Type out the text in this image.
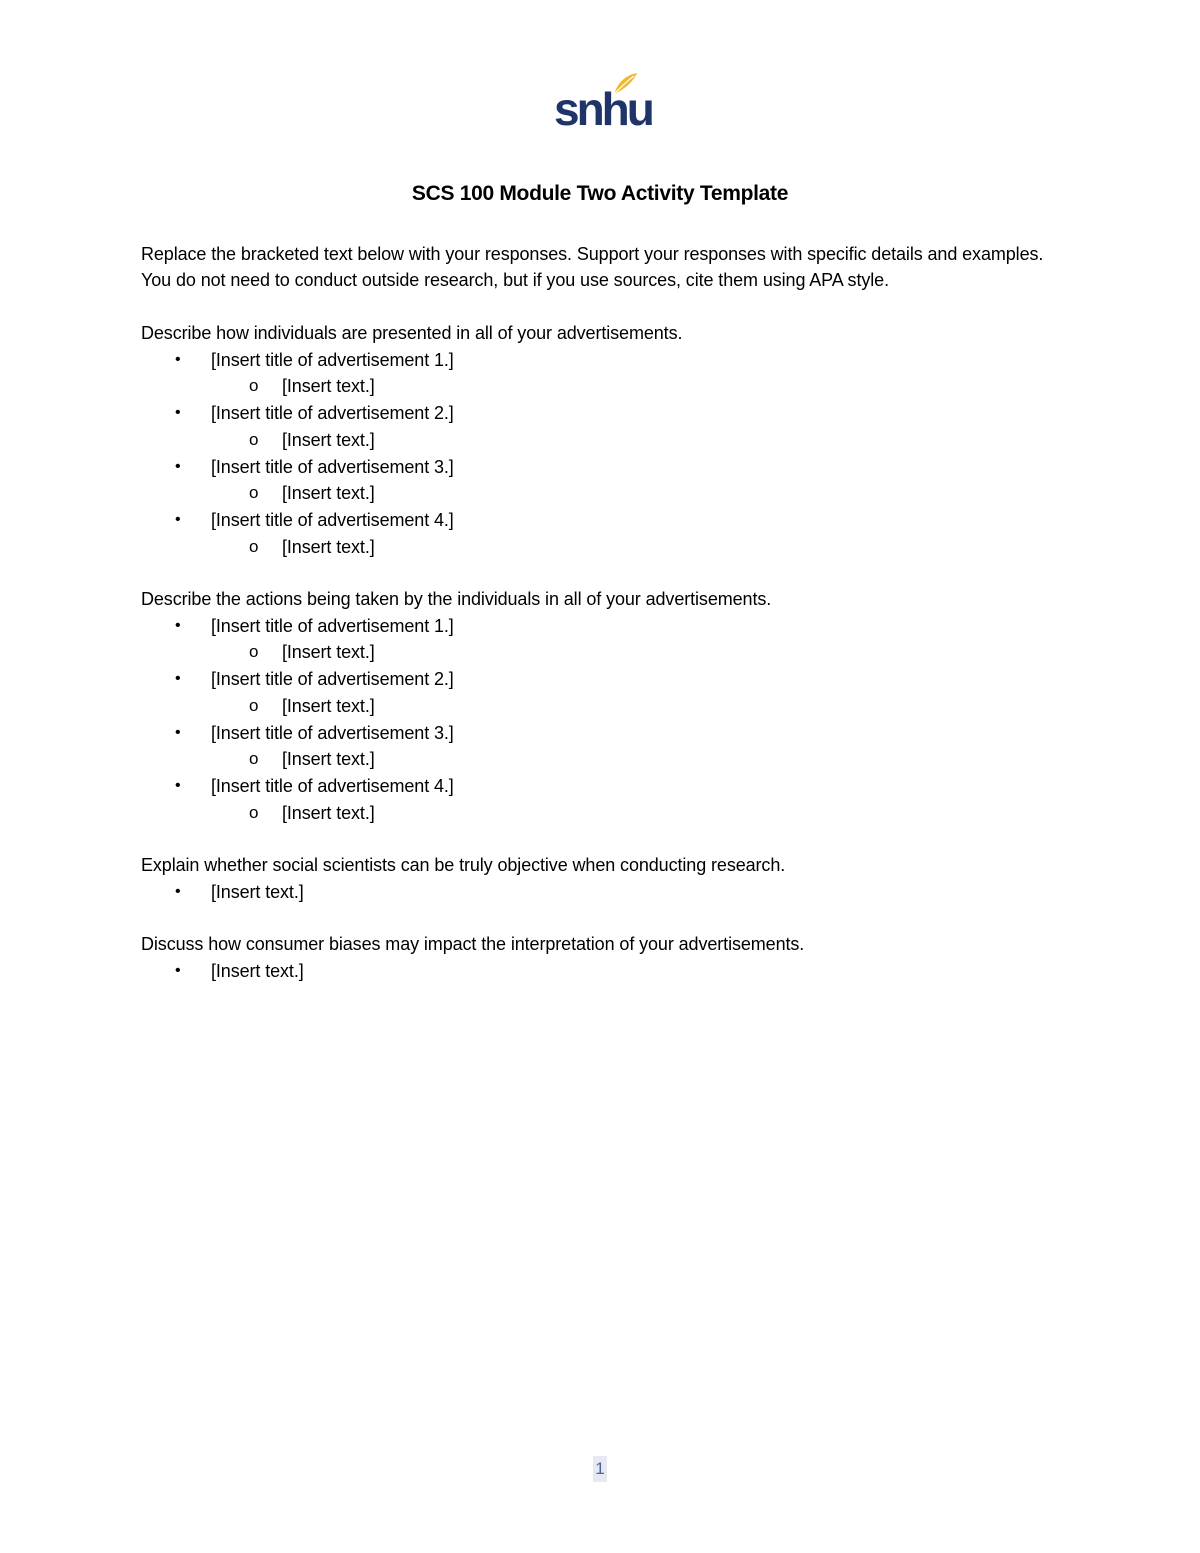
snhu
SCS 100 Module Two Activity Template

Replace the bracketed text below with your responses. Support your responses with specific details and examples. You do not need to conduct outside research, but if you use sources, cite them using APA style.

Describe how individuals are presented in all of your advertisements.

• [Insert title of advertisement 1.]
o [Insert text.]
• [Insert title of advertisement 2.]
o [Insert text.]
• [Insert title of advertisement 3.]
o [Insert text.]
• [Insert title of advertisement 4.]
o [Insert text.]

Describe the actions being taken by the individuals in all of your advertisements.

• [Insert title of advertisement 1.]
o [Insert text.]
• [Insert title of advertisement 2.]
o [Insert text.]
• [Insert title of advertisement 3.]
o [Insert text.]
• [Insert title of advertisement 4.]
o [Insert text.]

Explain whether social scientists can be truly objective when conducting research.

• [Insert text.]

Discuss how consumer biases may impact the interpretation of your advertisements.

• [Insert text.]
1
